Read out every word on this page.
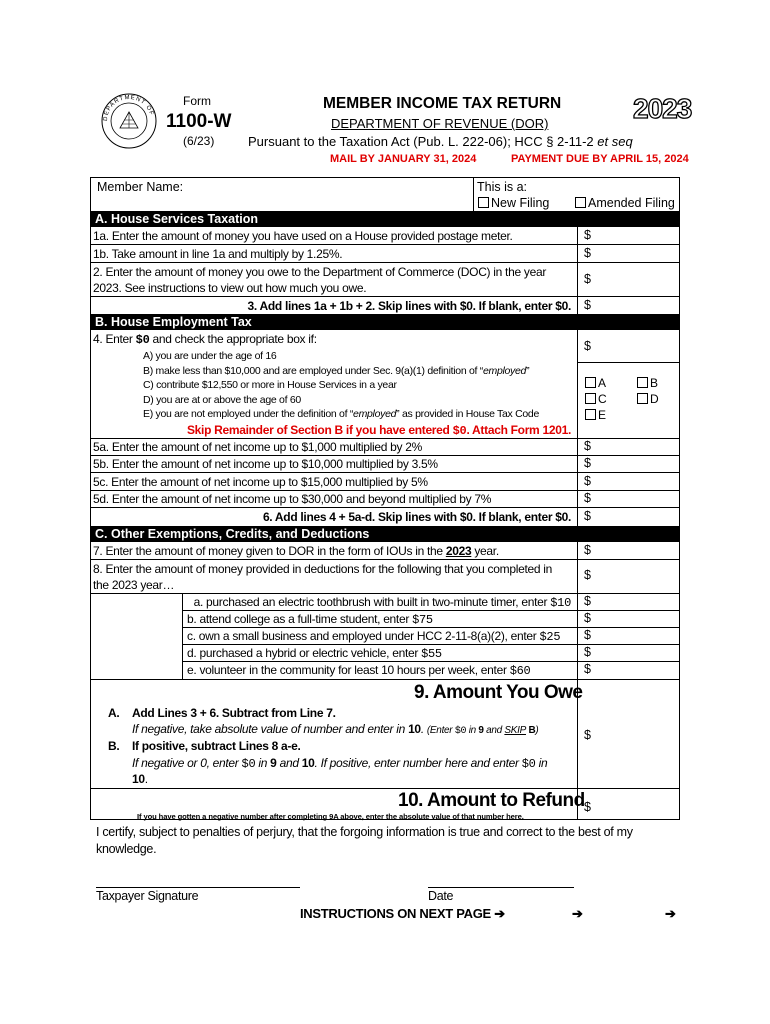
DEPARTMENT OF
Form
1100-W
(6/23)
MEMBER INCOME TAX RETURN
DEPARTMENT OF REVENUE (DOR)
Pursuant to the Taxation Act (Pub. L. 222-06); HCC § 2-11-2 et seq
MAIL BY JANUARY 31, 2024	PAYMENT DUE BY APRIL 15, 2024
2023
Member Name:	This is a:
New Filing	Amended Filing
A. House Services Taxation
1a. Enter the amount of money you have used on a House provided postage meter.	$
1b. Take amount in line 1a and multiply by 1.25%.	$
2. Enter the amount of money you owe to the Department of Commerce (DOC) in the year
2023. See instructions to view out how much you owe.
$
3. Add lines 1a + 1b + 2. Skip lines with $0. If blank, enter $0. $
B. House Employment Tax
4. Enter $0 and check the appropriate box if:	$
A) you are under the age of 16
B) make less than $10,000 and are employed under Sec. 9(a)(1) definition of “employed”
C) contribute $12,550 or more in House Services in a year
D) you are at or above the age of 60
E) you are not employed under the definition of “employed” as provided in House Tax Code
A	B
C	D
E
Skip Remainder of Section B if you have entered $0. Attach Form 1201.
5a. Enter the amount of net income up to $1,000 multiplied by 2%	$
5b. Enter the amount of net income up to $10,000 multiplied by 3.5%	$
5c. Enter the amount of net income up to $15,000 multiplied by 5%	$
5d. Enter the amount of net income up to $30,000 and beyond multiplied by 7%	$
6. Add lines 4 + 5a-d. Skip lines with $0. If blank, enter $0. $
C. Other Exemptions, Credits, and Deductions
7. Enter the amount of money given to DOR in the form of IOUs in the 2023 year.	$
8. Enter the amount of money provided in deductions for the following that you completed in
the 2023 year…
$
a. purchased an electric toothbrush with built in two-minute timer, enter $10 $
b. attend college as a full-time student, enter $75	$
c. own a small business and employed under HCC 2-11-8(a)(2), enter $25 $
d. purchased a hybrid or electric vehicle, enter $55	$
e. volunteer in the community for least 10 hours per week, enter $60	$
9. Amount You Owe
A. Add Lines 3 + 6. Subtract from Line 7.
If negative, take absolute value of number and enter in 10. (Enter $0 in 9 and SKIP B)
B. If positive, subtract Lines 8 a-e.
If negative or 0, enter $0 in 9 and 10. If positive, enter number here and enter $0 in
10.
$
10. Amount to Refund
If you have gotten a negative number after completing 9A above, enter the absolute value of that number here.
$
I certify, subject to penalties of perjury, that the forgoing information is true and correct to the best of my
knowledge.
Taxpayer Signature	Date
INSTRUCTIONS ON NEXT PAGE ➔	➔	➔
